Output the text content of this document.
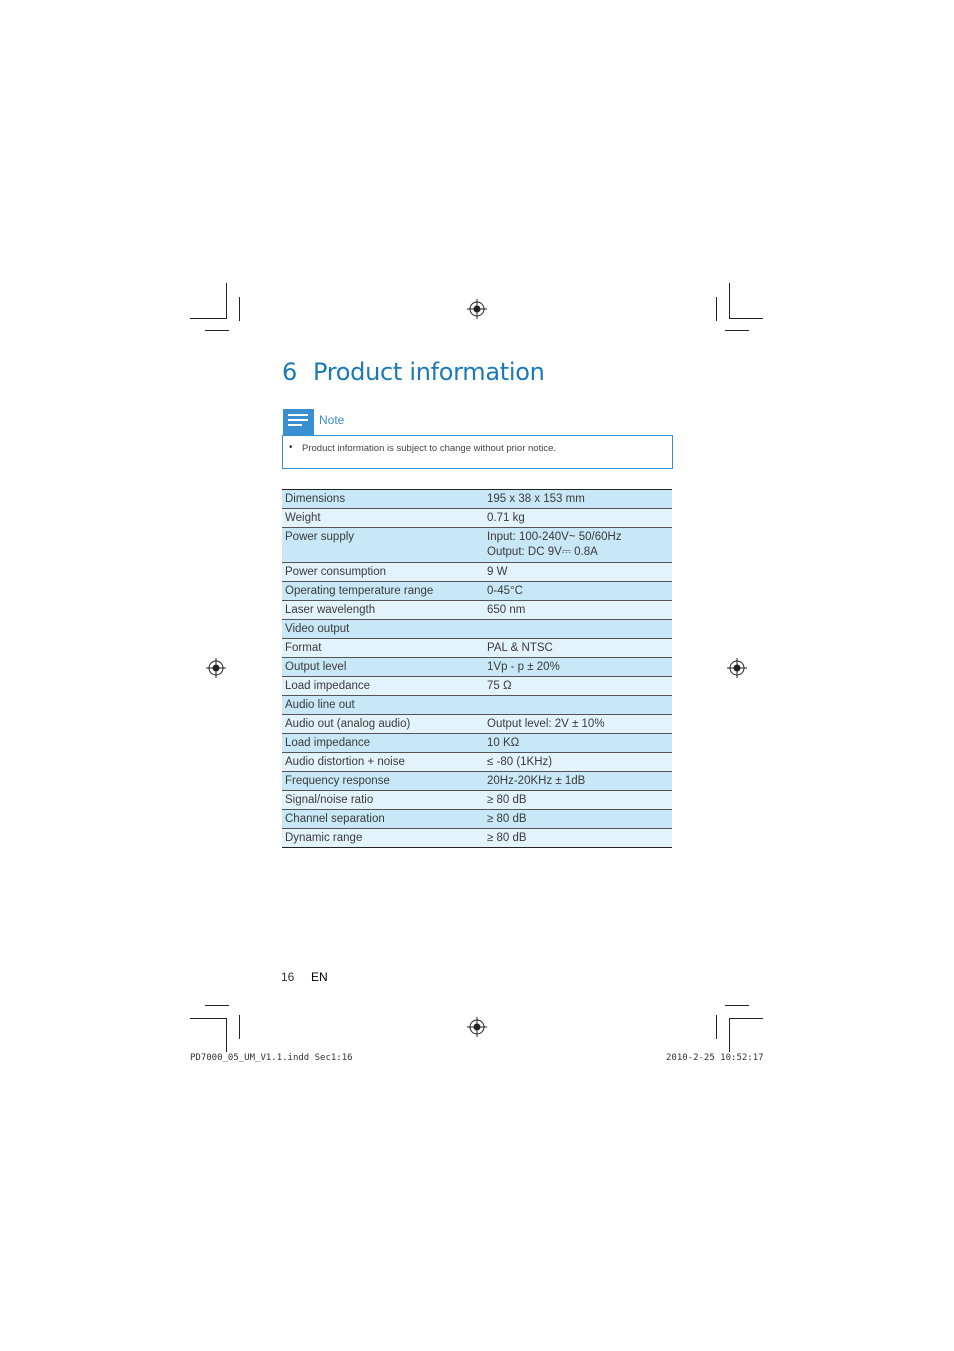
6 Product information
Note
• Product information is subject to change without prior notice.
Dimensions	195 x 38 x 153 mm
Weight	0.71 kg
Power supply	Input: 100-240V~ 50/60Hz
Output: DC 9V⎓ 0.8A

Power consumption	9 W
Operating temperature range	0-45°C
Laser wavelength	650 nm
Video output	
Format	PAL & NTSC
Output level	1Vp - p ± 20%
Load impedance	75 Ω
Audio line out	
Audio out (analog audio)	Output level: 2V ± 10%
Load impedance	10 KΩ
Audio distortion + noise	≤ -80 (1KHz)
Frequency response	20Hz-20KHz ± 1dB
Signal/noise ratio	≥ 80 dB
Channel separation	≥ 80 dB
Dynamic range	≥ 80 dB
16 EN
PD7000_05_UM_V1.1.indd Sec1:16	2010-2-25 10:52:17
